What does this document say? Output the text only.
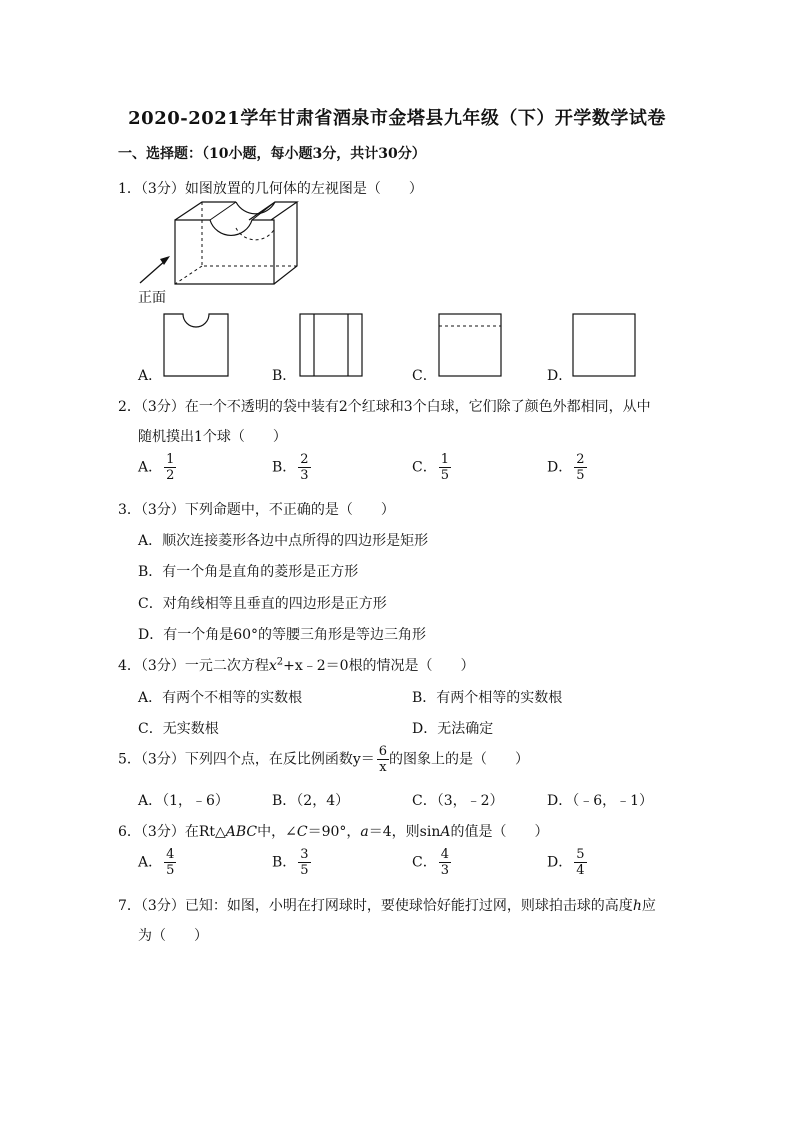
2020-2021学年甘肃省酒泉市金塔县九年级（下）开学数学试卷
一、选择题：（10小题，每小题3分，共计30分）
1．（3分）如图放置的几何体的左视图是（　　）
正面
A．	B．	C．	D．
2．（3分）在一个不透明的袋中装有2个红球和3个白球，它们除了颜色外都相同，从中
随机摸出1个球（　　）
A． $\frac{1}{2}$	B． $\frac{2}{3}$	C． $\frac{1}{5}$	D． $\frac{2}{5}$
3．（3分）下列命题中，不正确的是（　　）
A．顺次连接菱形各边中点所得的四边形是矩形
B．有一个角是直角的菱形是正方形
C．对角线相等且垂直的四边形是正方形
D．有一个角是60°的等腰三角形是等边三角形
4．（3分）一元二次方程$x^2+x﹣2=0$根的情况是（　　）
A．有两个不相等的实数根	B．有两个相等的实数根
C．无实数根	D．无法确定
5．（3分）下列四个点，在反比例函数$y= \frac{6}{x}$ 的图象上的是（　　）
A．（1，﹣6）	B．（2，4）	C．（3，﹣2）	D．（﹣6，﹣1）
6．（3分）在Rt△ABC中，∠C＝90°，a＝4，则sinA的值是（　　）
A． $\frac{4}{5}$	B． $\frac{3}{5}$	C． $\frac{4}{3}$	D． $\frac{5}{4}$
7．（3分）已知：如图，小明在打网球时，要使球恰好能打过网，则球拍击球的高度h应
为（　　）
